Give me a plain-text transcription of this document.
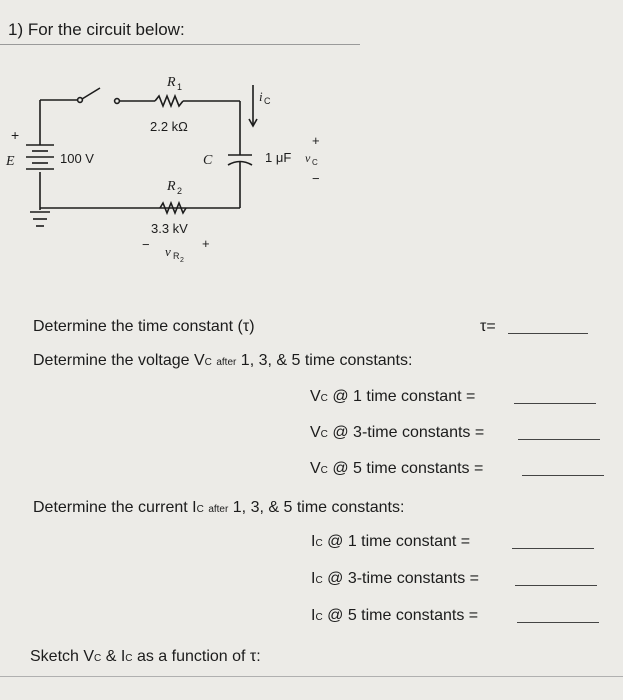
1) For the circuit below:
E
+
100 V
R 1
2.2 kΩ
R 2
3.3 kV
− v R 2
+
C	1 μF v C
+
−
i C
Determine the time constant (τ)	τ=
Determine the voltage VC after 1, 3, & 5 time constants:
VC @ 1 time constant =
VC @ 3-time constants =
VC @ 5 time constants =
Determine the current IC after 1, 3, & 5 time constants:
IC @ 1 time constant =
IC @ 3-time constants =
IC @ 5 time constants =
Sketch VC & IC as a function of τ:
